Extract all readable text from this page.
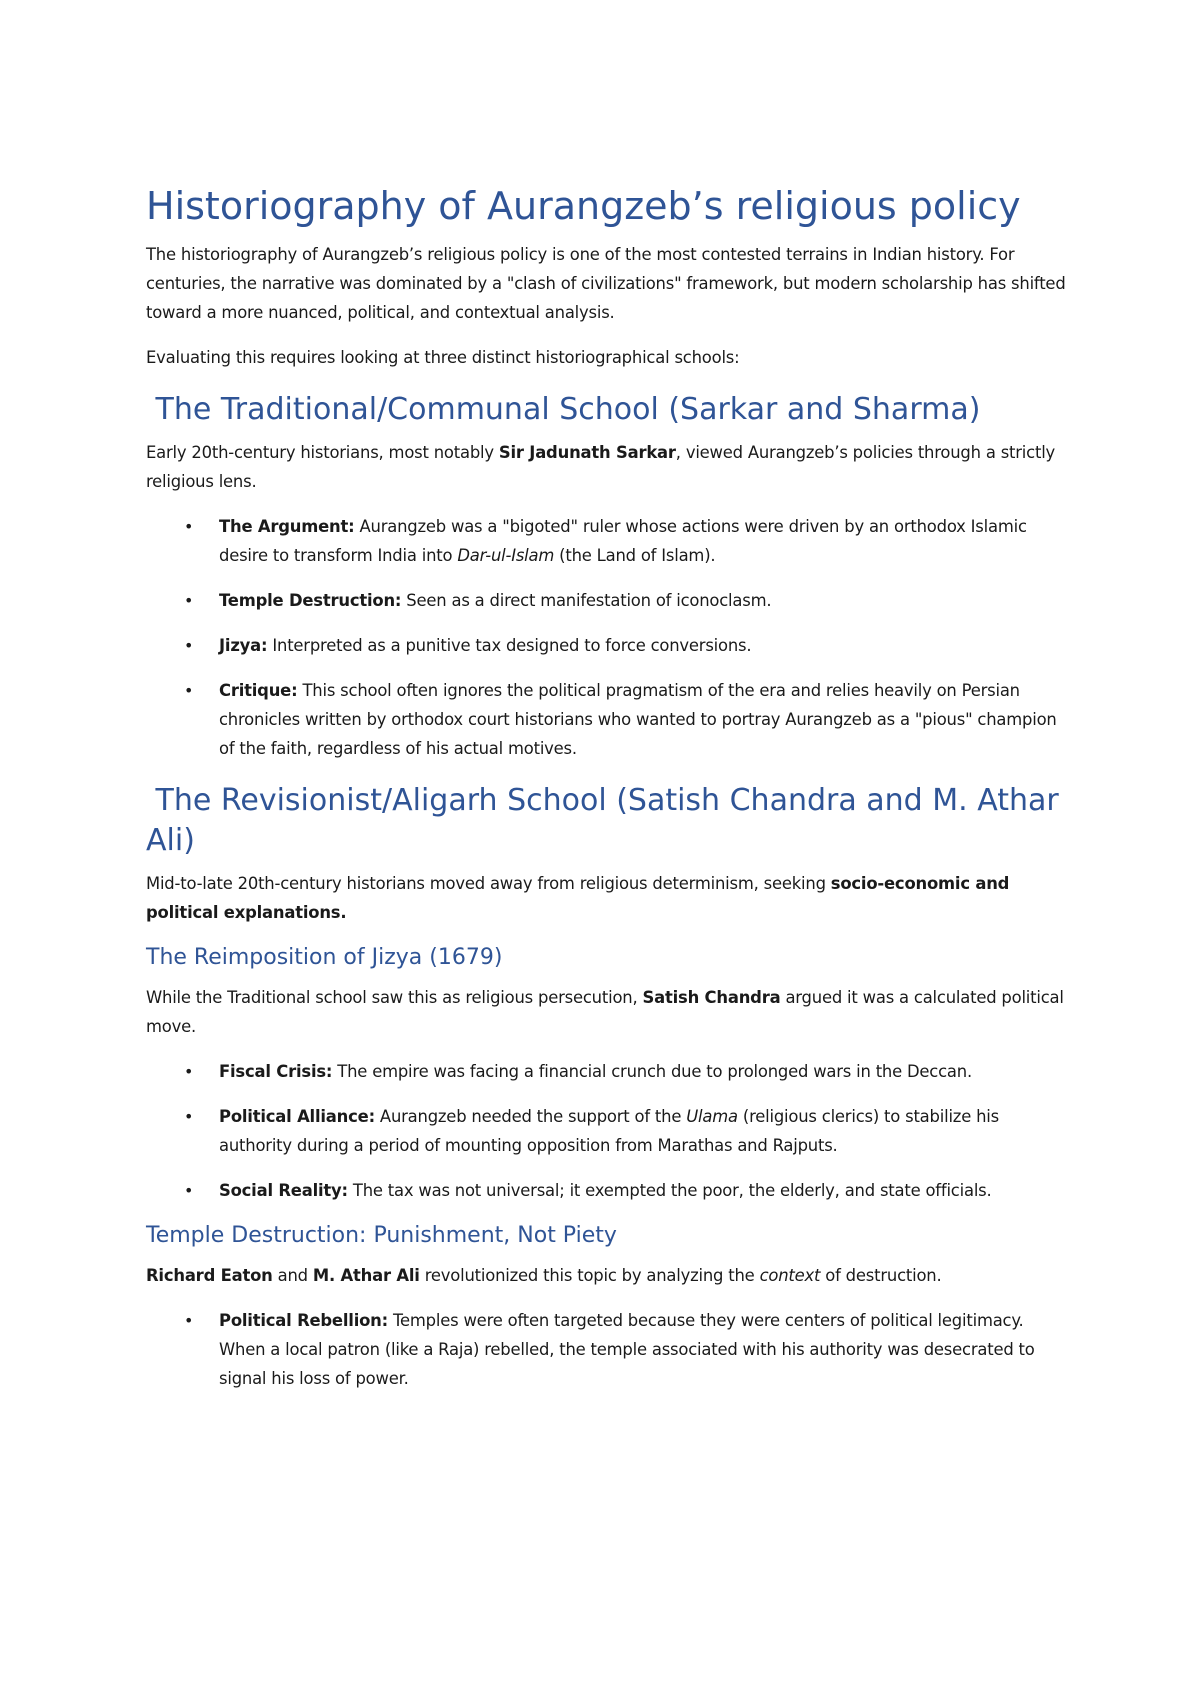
Historiography of Aurangzeb’s religious policy

The historiography of Aurangzeb’s religious policy is one of the most contested terrains in Indian history. For centuries, the narrative was dominated by a "clash of civilizations" framework, but modern scholarship has shifted toward a more nuanced, political, and contextual analysis.

Evaluating this requires looking at three distinct historiographical schools:

The Traditional/Communal School (Sarkar and Sharma)

Early 20th-century historians, most notably Sir Jadunath Sarkar, viewed Aurangzeb’s policies through a strictly religious lens.

• The Argument: Aurangzeb was a "bigoted" ruler whose actions were driven by an orthodox Islamic desire to transform India into Dar-ul-Islam (the Land of Islam).
• Temple Destruction: Seen as a direct manifestation of iconoclasm.
• Jizya: Interpreted as a punitive tax designed to force conversions.
• Critique: This school often ignores the political pragmatism of the era and relies heavily on Persian chronicles written by orthodox court historians who wanted to portray Aurangzeb as a "pious" champion of the faith, regardless of his actual motives.
The Revisionist/Aligarh School (Satish Chandra and M. Athar Ali)

Mid-to-late 20th-century historians moved away from religious determinism, seeking socio-economic and political explanations.

The Reimposition of Jizya (1679)

While the Traditional school saw this as religious persecution, Satish Chandra argued it was a calculated political move.

• Fiscal Crisis: The empire was facing a financial crunch due to prolonged wars in the Deccan.
• Political Alliance: Aurangzeb needed the support of the Ulama (religious clerics) to stabilize his authority during a period of mounting opposition from Marathas and Rajputs.
• Social Reality: The tax was not universal; it exempted the poor, the elderly, and state officials.
Temple Destruction: Punishment, Not Piety

Richard Eaton and M. Athar Ali revolutionized this topic by analyzing the context of destruction.

• Political Rebellion: Temples were often targeted because they were centers of political legitimacy. When a local patron (like a Raja) rebelled, the temple associated with his authority was desecrated to signal his loss of power.
